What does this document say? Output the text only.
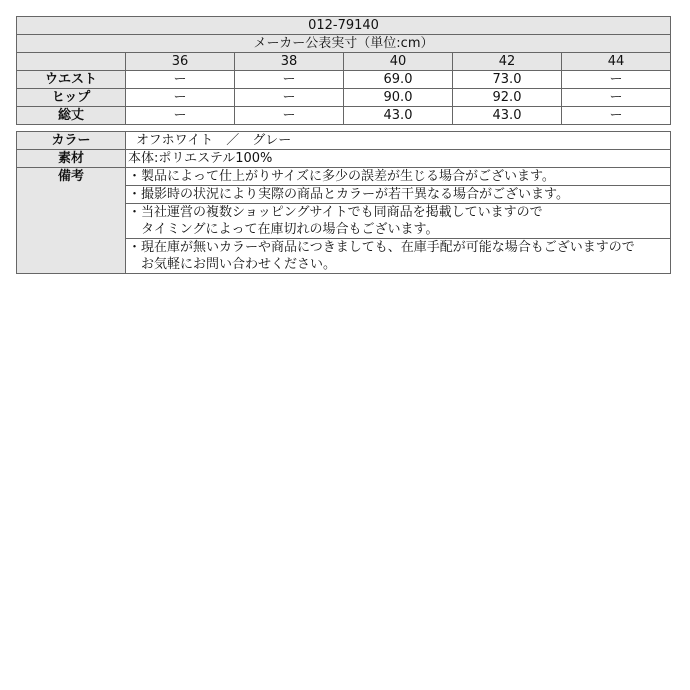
012-79140					
メーカー公表実寸（単位:cm）					
	36	38	40	42	44
ウエスト	ー	ー	69.0	73.0	ー
ヒップ	ー	ー	90.0	92.0	ー
総丈	ー	ー	43.0	43.0	ー
カラー	オフホワイト　／　グレー
素材	本体:ポリエステル100%
備考	・製品によって仕上がりサイズに多少の誤差が生じる場合がございます。

	・撮影時の状況により実際の商品とカラーが若干異なる場合がございます。

	・当社運営の複数ショッピングサイトでも同商品を掲載していますので
　タイミングによって在庫切れの場合もございます。

	・現在庫が無いカラーや商品につきましても、在庫手配が可能な場合もございますので
　お気軽にお問い合わせください。
